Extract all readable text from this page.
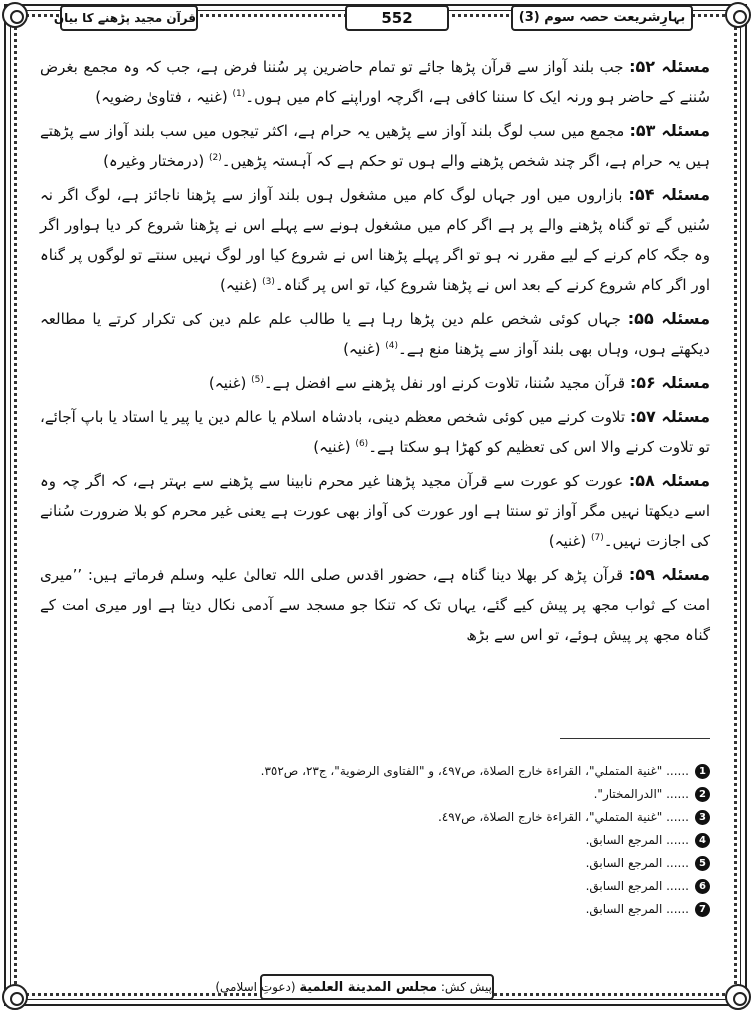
بہارِشریعت حصہ سوم (3)
552
قرآن مجید پڑھنے کا بیان

مسئلہ ۵۲: جب بلند آواز سے قرآن پڑھا جائے تو تمام حاضرین پر سُننا فرض ہے، جب کہ وہ مجمع بغرض سُننے کے حاضر ہو ورنہ ایک کا سننا کافی ہے، اگرچہ اوراپنے کام میں ہوں۔$^{(1)}$ (غنیہ ، فتاویٰ رضویہ)

مسئلہ ۵۳: مجمع میں سب لوگ بلند آواز سے پڑھیں یہ حرام ہے، اکثر تیجوں میں سب بلند آواز سے پڑھتے ہیں یہ حرام ہے، اگر چند شخص پڑھنے والے ہوں تو حکم ہے کہ آہستہ پڑھیں۔$^{(2)}$ (درمختار وغیرہ)

مسئلہ ۵۴: بازاروں میں اور جہاں لوگ کام میں مشغول ہوں بلند آواز سے پڑھنا ناجائز ہے، لوگ اگر نہ سُنیں گے تو گناہ پڑھنے والے پر ہے اگر کام میں مشغول ہونے سے پہلے اس نے پڑھنا شروع کر دیا ہواور اگر وہ جگہ کام کرنے کے لیے مقرر نہ ہو تو اگر پہلے پڑھنا اس نے شروع کیا اور لوگ نہیں سنتے تو لوگوں پر گناہ اور اگر کام شروع کرنے کے بعد اس نے پڑھنا شروع کیا، تو اس پر گناہ۔$^{(3)}$ (غنیہ)

مسئلہ ۵۵: جہاں کوئی شخص علم دین پڑھا رہا ہے یا طالب علم علم دین کی تکرار کرتے یا مطالعہ دیکھتے ہوں، وہاں بھی بلند آواز سے پڑھنا منع ہے۔$^{(4)}$ (غنیہ)

مسئلہ ۵۶: قرآن مجید سُننا، تلاوت کرنے اور نفل پڑھنے سے افضل ہے۔$^{(5)}$ (غنیہ)

مسئلہ ۵۷: تلاوت کرنے میں کوئی شخص معظم دینی، بادشاہ اسلام یا عالم دین یا پیر یا استاد یا باپ آجائے، تو تلاوت کرنے والا اس کی تعظیم کو کھڑا ہو سکتا ہے۔$^{(6)}$ (غنیہ)

مسئلہ ۵۸: عورت کو عورت سے قرآن مجید پڑھنا غیر محرم نابینا سے پڑھنے سے بہتر ہے، کہ اگر چہ وہ اسے دیکھتا نہیں مگر آواز تو سنتا ہے اور عورت کی آواز بھی عورت ہے یعنی غیر محرم کو بلا ضرورت سُنانے کی اجازت نہیں۔$^{(7)}$ (غنیہ)

مسئلہ ۵۹: قرآن پڑھ کر بھلا دینا گناہ ہے، حضور اقدس صلی اللہ تعالیٰ علیہ وسلم فرماتے ہیں: ’’میری امت کے ثواب مجھ پر پیش کیے گئے، یہاں تک کہ تنکا جو مسجد سے آدمی نکال دیتا ہے اور میری امت کے گناہ مجھ پر پیش ہوئے، تو اس سے بڑھ

1
...... "غنية المتملي"، القراءة خارج الصلاة، ص٤٩٧، و "الفتاوى الرضوية"، ج٢٣، ص٣٥٢.
2
...... "الدرالمختار".
3
...... "غنية المتملي"، القراءة خارج الصلاة، ص٤٩٧.
4
...... المرجع السابق.
5
...... المرجع السابق.
6
...... المرجع السابق.
7
...... المرجع السابق.
پیش کش: مجلس المدينة العلمية (دعوتِ اسلامی)
